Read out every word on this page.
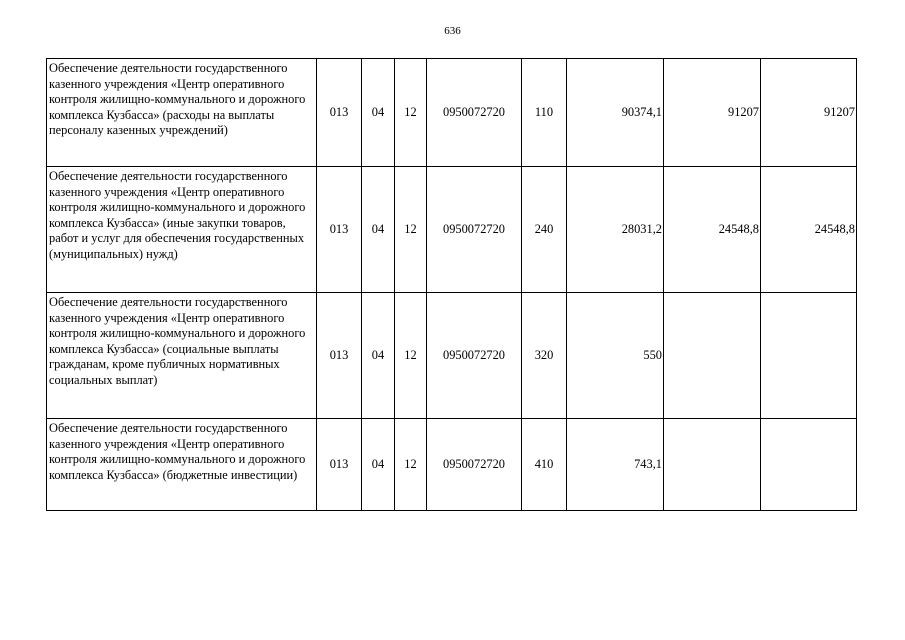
636
Обеспечение деятельности государственного казенного учреждения «Центр оперативного контроля жилищно-коммунального и дорожного комплекса Кузбасса» (расходы на выплаты персоналу казенных учреждений)	013	04	12	0950072720	110	90374,1	91207	91207
Обеспечение деятельности государственного казенного учреждения «Центр оперативного контроля жилищно-коммунального и дорожного комплекса Кузбасса» (иные закупки товаров, работ и услуг для обеспечения государственных (муниципальных) нужд)	013	04	12	0950072720	240	28031,2	24548,8	24548,8
Обеспечение деятельности государственного казенного учреждения «Центр оперативного контроля жилищно-коммунального и дорожного комплекса Кузбасса» (социальные выплаты гражданам, кроме публичных нормативных социальных выплат)	013	04	12	0950072720	320	550		
Обеспечение деятельности государственного казенного учреждения «Центр оперативного контроля жилищно-коммунального и дорожного комплекса Кузбасса» (бюджетные инвестиции)	013	04	12	0950072720	410	743,1		
